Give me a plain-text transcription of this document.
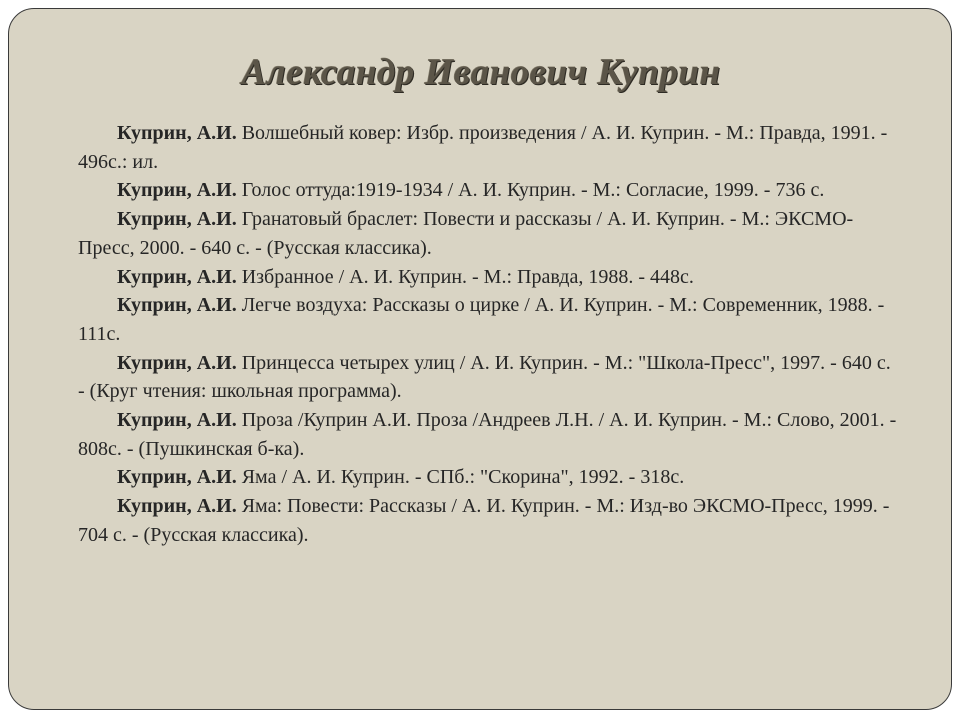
Александр Иванович Куприн

Куприн, А.И. Волшебный ковер: Избр. произведения / А. И. Куприн. - М.: Правда, 1991. - 496с.: ил.

Куприн, А.И. Голос оттуда:1919-1934 / А. И. Куприн. - М.: Согласие, 1999. - 736 с.

Куприн, А.И. Гранатовый браслет: Повести и рассказы / А. И. Куприн. - М.: ЭКСМО-Пресс, 2000. - 640 с. - (Русская классика).

Куприн, А.И. Избранное / А. И. Куприн. - М.: Правда, 1988. - 448с.

Куприн, А.И. Легче воздуха: Рассказы о цирке / А. И. Куприн. - М.: Современник, 1988. - 111с.

Куприн, А.И. Принцесса четырех улиц / А. И. Куприн. - М.: "Школа-Пресс", 1997. - 640 с. - (Круг чтения: школьная программа).

Куприн, А.И. Проза /Куприн А.И. Проза /Андреев Л.Н. / А. И. Куприн. - М.: Слово, 2001. - 808с. - (Пушкинская б-ка).

Куприн, А.И. Яма / А. И. Куприн. - СПб.: "Скорина", 1992. - 318с.

Куприн, А.И. Яма: Повести: Рассказы / А. И. Куприн. - М.: Изд-во ЭКСМО-Пресс, 1999. - 704 с. - (Русская классика).
